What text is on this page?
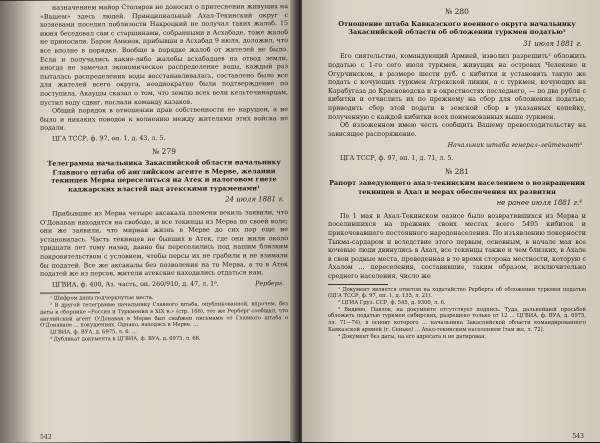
назначением майор Столяров не доносил о притеснении живущих на «Вашем» здесь людей. Принципиальный Ахал-Текинский округ с хозяевами поселил поблизости Накроцкий не получал таких жалоб. 15 июня беседовал сам с старшинами, собранными в Асхабаде, тоже жалоб не приносили. Барон Аминов, прибывши в Асхабад 9 июля, доложил, что все вполне в порядке. Вообще в порядке жалоб от жителей не было. Если и получались какие-либо жалобы асхабадцев на отвод земли, иногда не замечал экономическое распределение воды, каждый раз пыталась распределения воды восстанавливалась, составлено было все для жителей всего округа, неоднократно были подтверждение по поступила. Акаушы сказал о том, что землю всех вели кельтечинарцам, пустил воду сдвиг, послали команду казаков.

Общий порядок в отношении прав собственности не нарушен, а не было и никаких поводов к волнению между жителями этих войска не подали.

ЦГА ТССР, ф. 97, оп. 1, д. 43, л. 5.

№ 279
Телеграмма начальника Закаспийской области начальнику Главного штаба об английском агенте в Мерве, желании текинцев Мерва переселиться на Атек и налоговом гнете каджарских властей над атекскими туркменами¹
24 июля 1881 г.

Прибывшие из Мерва четыре аксакала племени векиль заявили, что О'Донаван находится на свободе, и все текинцы из Мерва по своей воле; они же заявили, что мирная жизнь в Мерве до сих пор еще не установилась. Часть текинцев не бывших в Атек, где они жили около тридцати лет тому назад, давно бы переселились под нашим близким покровительством с условием, чтобы персы их не грабили и не взимали бы податей. Все же аксакалы без позволения на то Мерва, а то в Атек податей же из персов, жители атекские находились отдаться нам.

ЦГВИА, ф. 400, Аз. часть, оп. 260/910, д. 47, л. 1⁶.	Рерберг.

¹ Шифром даны подчеркнутые места.

² В другой телеграмме начальнику Главного штаба, опубликованной, впрочем, без даты в сборнике «Россия и Туркмения в XIX в.» (стр. 166), тот же Рерберг сообщал, что английский агент О'Донаван в Мерве был снабжен письмами от Главного штаба о О'Донаване ... покушениях. Однако, находясь в Мерве, ...

ЦГВИА, ф. ВУА, д. 6975, л. 6. ...

³ Дубликат документа в ЦГВИА, ф. ВУА, д. 6975, л. 68.

542
№ 280
Отношение штаба Кавказского военного округа начальнику Закаспийской области об обложении туркмен податью¹
31 июля 1881 г.

Его сиятельство, командующий Армией, изволил разрешить² обложить податью с 1-го сего июля туркмен, живущих на островах Челекене и Огурчинском, в размере шести руб. с кибитки и установить такую же подать с кочующих туркмен Атрекской линии, а с туркмен, кочующих на Карабугаза до Красноводска и в окрестностях последнего, — по два рубля с кибитки и отчислить их по прежнему на сбор для обложения податью, приводить сбор этой подати в земской сбор в указанных копейку, полученную с каждой кибитки всех поименованных выше туркмен.

Об изложенном имею честь сообщить Вашему превосходительству на зависящее распоряжение.

Начальник штаба генерал-лейтенант³

ЦГА ТССР, ф. 97, оп. 1, д. 71, л. 5.

№ 281
Рапорт заведующего ахал-текинским населением о возвращении текинцев в Ахал и мерах обеспечения их развития
не ранее июля 1881 г.⁴

По 1 мая в Ахал-Текинском оазисе было возвратившихся из Мерва и поселившихся на прежних своих местах всего 5495 кибиток и прикочевавшего постоянного народонаселения. По изъявлению покорности Тыкма-сардаром и вследствие этого первым, основным, в начале мая все кочевые люди двинулись в Ахал, все текинцы также и чем близких, в Ахале в свои родные места, проведенная в то время сторона местности, которую с Ахалом ... переселения, составившие, таким образом, исключительно среднего населения, число же

¹ Документ является ответом на ходатайство Рерберга об обложении туркмен податью (ЦГА ТССР, ф. 97, оп. 1, д. 135, л. 21).

² ЦГИА Груз. ССР, ф. 545, д. 9300, л. 6.

³ Видимо, Павлов, на документе отсутствует подпись. Туда, дальнейшей просьбой обложить податью туркмен сибирских, разрешено только от 12 ... ЦГВИА, ф. ВУА, д. 6975, лл. 71—74), в основу которого ... начальника Закаспийской области командированного Кавказской армией (г. Сенько) ... Ахал-текинским населением (там же, л. 72).

⁴ Документ без даты, на его адресата и не датирован.

543
